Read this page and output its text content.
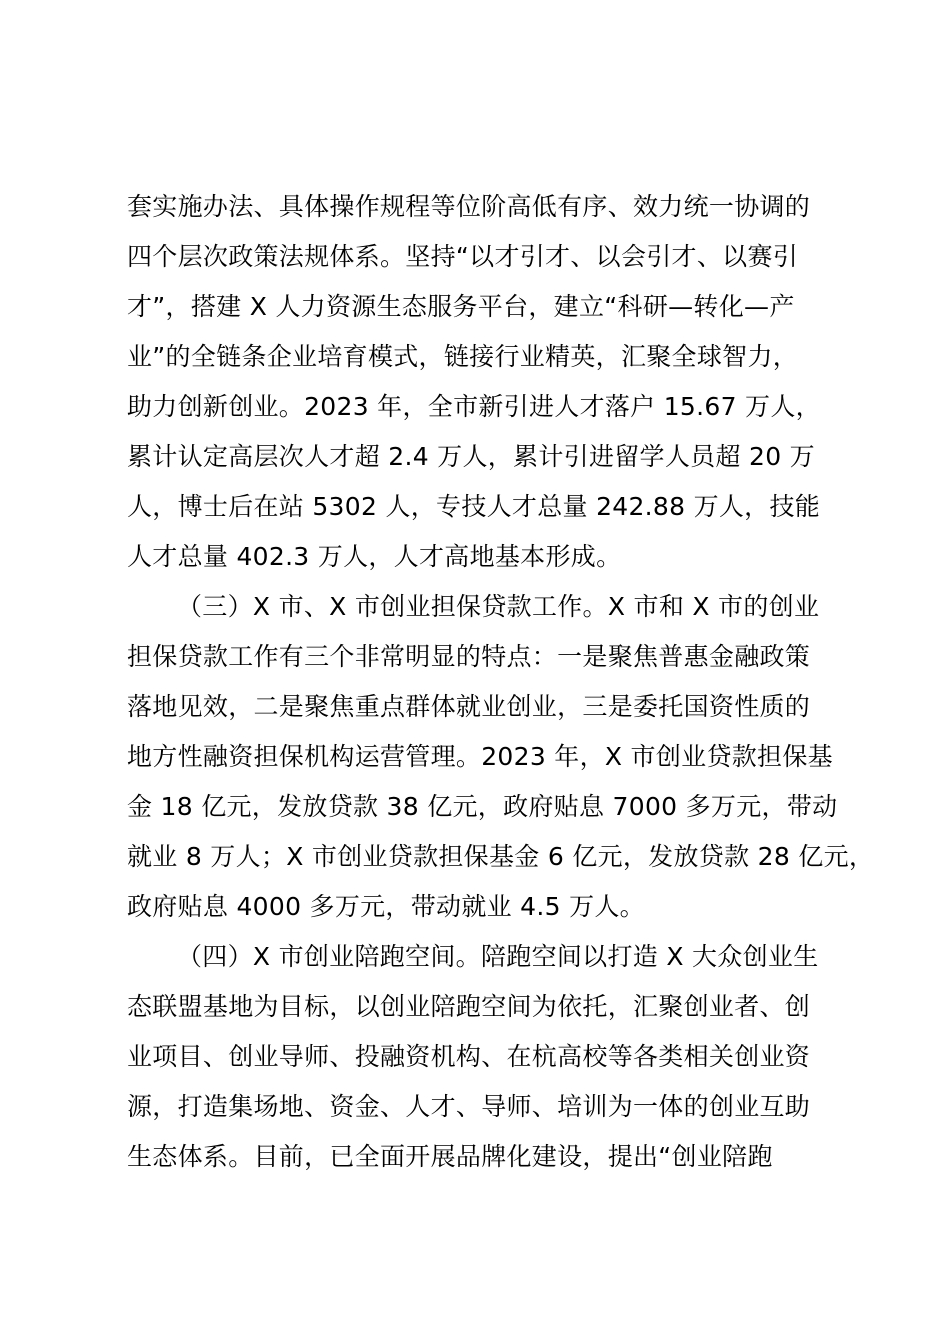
套实施办法、具体操作规程等位阶高低有序、效力统一协调的
四个层次政策法规体系。坚持“以才引才、以会引才、以赛引
才”，搭建 X 人力资源生态服务平台，建立“科研—转化—产
业”的全链条企业培育模式，链接行业精英，汇聚全球智力，
助力创新创业。2023 年，全市新引进人才落户 15.67 万人，
累计认定高层次人才超 2.4 万人，累计引进留学人员超 20 万
人，博士后在站 5302 人，专技人才总量 242.88 万人，技能
人才总量 402.3 万人，人才高地基本形成。
（三）X 市、X 市创业担保贷款工作。X 市和 X 市的创业
担保贷款工作有三个非常明显的特点：一是聚焦普惠金融政策
落地见效，二是聚焦重点群体就业创业，三是委托国资性质的
地方性融资担保机构运营管理。2023 年，X 市创业贷款担保基
金 18 亿元，发放贷款 38 亿元，政府贴息 7000 多万元，带动
就业 8 万人；X 市创业贷款担保基金 6 亿元，发放贷款 28 亿元，
政府贴息 4000 多万元，带动就业 4.5 万人。
（四）X 市创业陪跑空间。陪跑空间以打造 X 大众创业生
态联盟基地为目标，以创业陪跑空间为依托，汇聚创业者、创
业项目、创业导师、投融资机构、在杭高校等各类相关创业资
源，打造集场地、资金、人才、导师、培训为一体的创业互助
生态体系。目前，已全面开展品牌化建设，提出“创业陪跑
